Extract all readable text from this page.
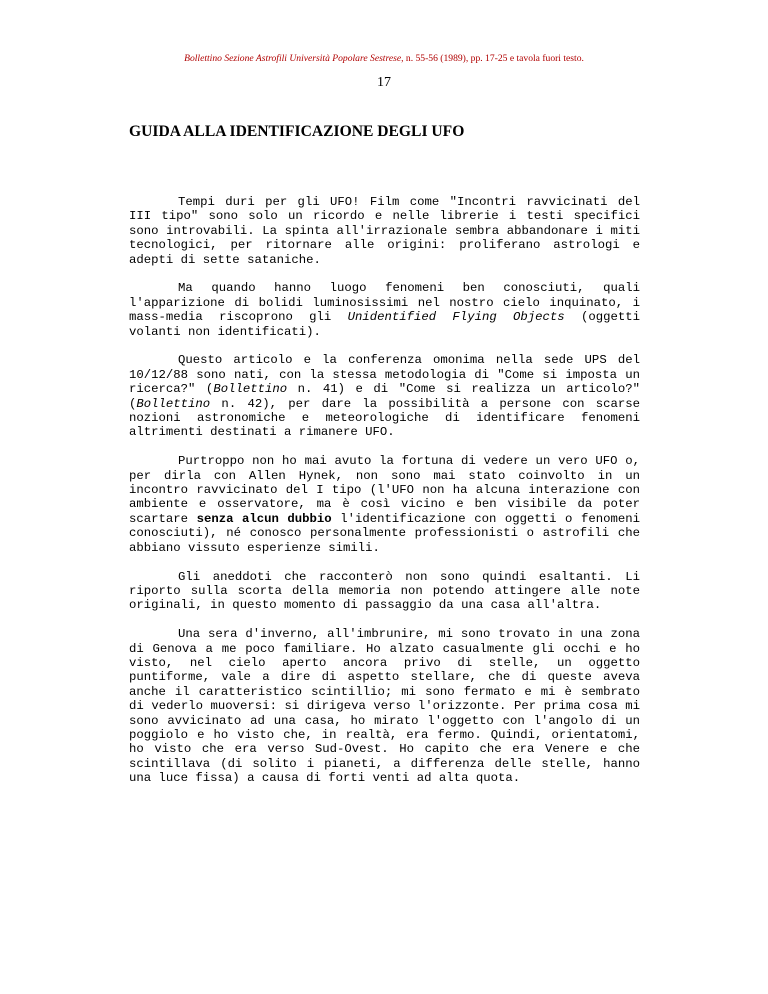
Bollettino Sezione Astrofili Università Popolare Sestrese, n. 55-56 (1989), pp. 17-25 e tavola fuori testo.
17
GUIDA ALLA IDENTIFICAZIONE DEGLI UFO

Tempi duri per gli UFO! Film come "Incontri ravvicinati del III tipo" sono solo un ricordo e nelle librerie i testi specifici sono introvabili. La spinta all'irrazionale sembra abbandonare i miti tecnologici, per ritornare alle origini: proliferano astrologi e adepti di sette sataniche.

Ma quando hanno luogo fenomeni ben conosciuti, quali l'apparizione di bolidi luminosissimi nel nostro cielo inquinato, i mass-media riscoprono gli Unidentified Flying Objects (oggetti volanti non identificati).

Questo articolo e la conferenza omonima nella sede UPS del 10/12/88 sono nati, con la stessa metodologia di "Come si imposta un ricerca?" (Bollettino n. 41) e di "Come si realizza un articolo?" (Bollettino n. 42), per dare la possibilità a persone con scarse nozioni astronomiche e meteorologiche di identificare fenomeni altrimenti destinati a rimanere UFO.

Purtroppo non ho mai avuto la fortuna di vedere un vero UFO o, per dirla con Allen Hynek, non sono mai stato coinvolto in un incontro ravvicinato del I tipo (l'UFO non ha alcuna interazione con ambiente e osservatore, ma è così vicino e ben visibile da poter scartare senza alcun dubbio l'identificazione con oggetti o fenomeni conosciuti), né conosco personalmente professionisti o astrofili che abbiano vissuto esperienze simili.

Gli aneddoti che racconterò non sono quindi esaltanti. Li riporto sulla scorta della memoria non potendo attingere alle note originali, in questo momento di passaggio da una casa all'altra.

Una sera d'inverno, all'imbrunire, mi sono trovato in una zona di Genova a me poco familiare. Ho alzato casualmente gli occhi e ho visto, nel cielo aperto ancora privo di stelle, un oggetto puntiforme, vale a dire di aspetto stellare, che di queste aveva anche il caratteristico scintillio; mi sono fermato e mi è sembrato di vederlo muoversi: si dirigeva verso l'orizzonte. Per prima cosa mi sono avvicinato ad una casa, ho mirato l'oggetto con l'angolo di un poggiolo e ho visto che, in realtà, era fermo. Quindi, orientatomi, ho visto che era verso Sud-Ovest. Ho capito che era Venere e che scintillava (di solito i pianeti, a differenza delle stelle, hanno una luce fissa) a causa di forti venti ad alta quota.
